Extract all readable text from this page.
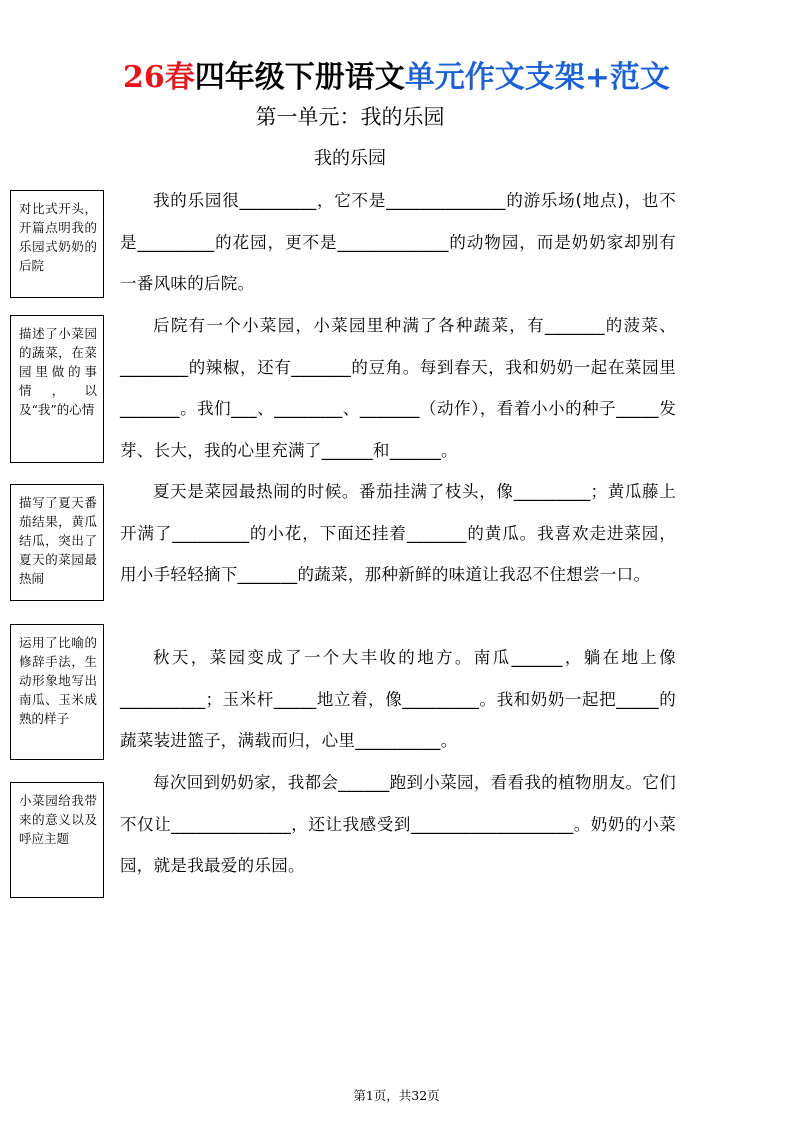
26春四年级下册语文单元作文支架+范文
第一单元：我的乐园
我的乐园
对比式开头，开篇点明我的乐园式奶奶的后院
描述了小菜园的蔬菜，在菜园里做的事情，以及“我”的心情
描写了夏天番茄结果，黄瓜结瓜，突出了夏天的菜园最热闹
运用了比喻的修辞手法，生动形象地写出南瓜、玉米成熟的样子
小菜园给我带来的意义以及呼应主题
我的乐园很_________，它不是______________的游乐场(地点)，也不是_________的花园，更不是_____________的动物园，而是奶奶家却别有一番风味的后院。
后院有一个小菜园，小菜园里种满了各种蔬菜，有_______的菠菜、________的辣椒，还有_______的豆角。每到春天，我和奶奶一起在菜园里_______。我们___、________、_______（动作），看着小小的种子_____发芽、长大，我的心里充满了______和______。
夏天是菜园最热闹的时候。番茄挂满了枝头，像_________；黄瓜藤上开满了_________的小花，下面还挂着_______的黄瓜。我喜欢走进菜园，用小手轻轻摘下_______的蔬菜，那种新鲜的味道让我忍不住想尝一口。
秋天，菜园变成了一个大丰收的地方。南瓜______，躺在地上像__________；玉米杆_____地立着，像_________。我和奶奶一起把_____的蔬菜装进篮子，满载而归，心里__________。
每次回到奶奶家，我都会______跑到小菜园，看看我的植物朋友。它们不仅让______________，还让我感受到___________________。奶奶的小菜园，就是我最爱的乐园。
第1页，共32页
